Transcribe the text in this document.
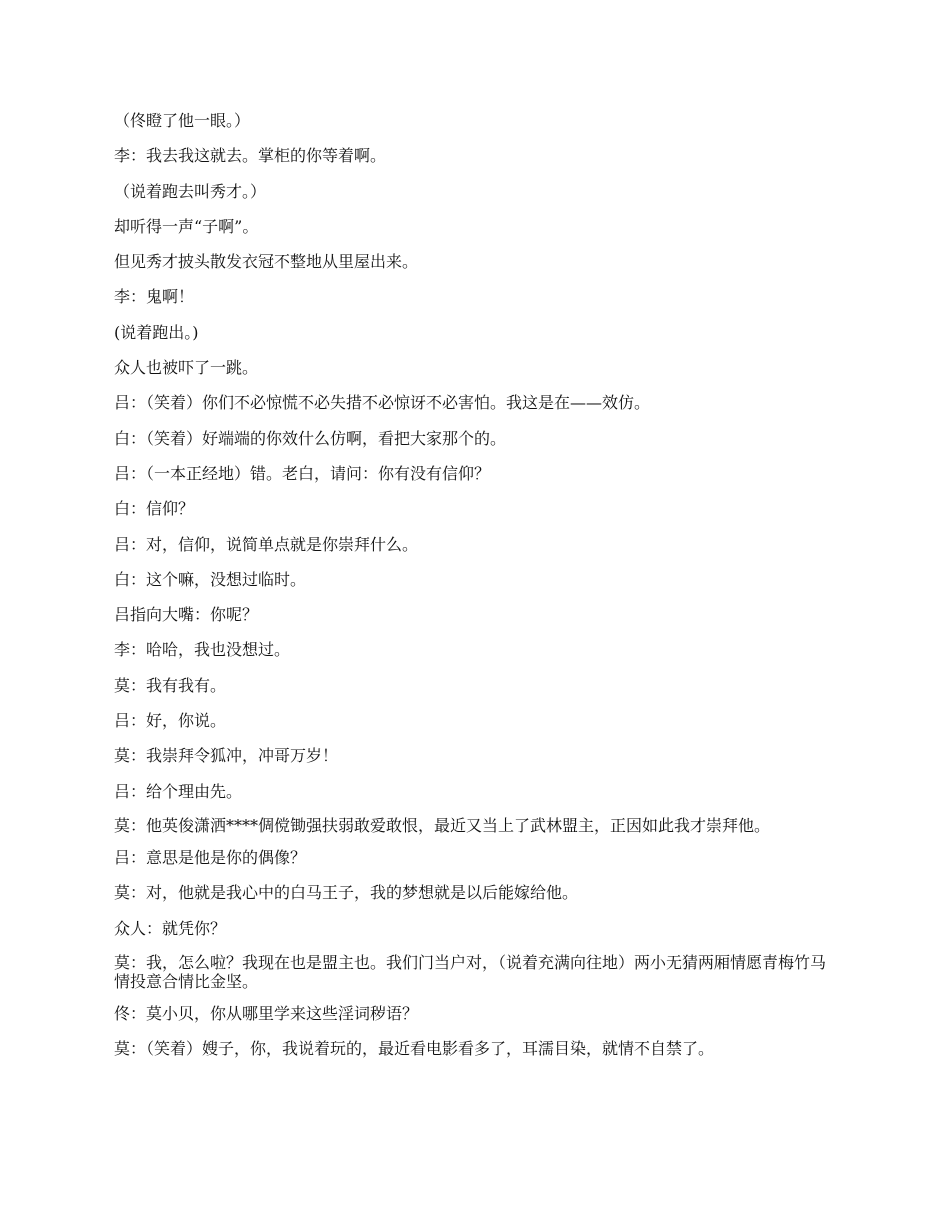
（佟瞪了他一眼。）

李：我去我这就去。掌柜的你等着啊。

（说着跑去叫秀才。）

却听得一声“子啊”。

但见秀才披头散发衣冠不整地从里屋出来。

李：鬼啊！

(说着跑出。)

众人也被吓了一跳。

吕：（笑着）你们不必惊慌不必失措不必惊讶不必害怕。我这是在——效仿。

白：（笑着）好端端的你效什么仿啊，看把大家那个的。

吕：（一本正经地）错。老白，请问：你有没有信仰？

白：信仰？

吕：对，信仰，说简单点就是你崇拜什么。

白：这个嘛，没想过临时。

吕指向大嘴：你呢？

李：哈哈，我也没想过。

莫：我有我有。

吕：好，你说。

莫：我崇拜令狐冲，冲哥万岁！

吕：给个理由先。

莫：他英俊潇洒****倜傥锄强扶弱敢爱敢恨，最近又当上了武林盟主，正因如此我才崇拜他。

吕：意思是他是你的偶像？

莫：对，他就是我心中的白马王子，我的梦想就是以后能嫁给他。

众人：就凭你？

莫：我，怎么啦？我现在也是盟主也。我们门当户对，（说着充满向往地）两小无猜两厢情愿青梅竹马情投意合情比金坚。

佟：莫小贝，你从哪里学来这些淫词秽语？

莫：（笑着）嫂子，你，我说着玩的，最近看电影看多了，耳濡目染，就情不自禁了。
